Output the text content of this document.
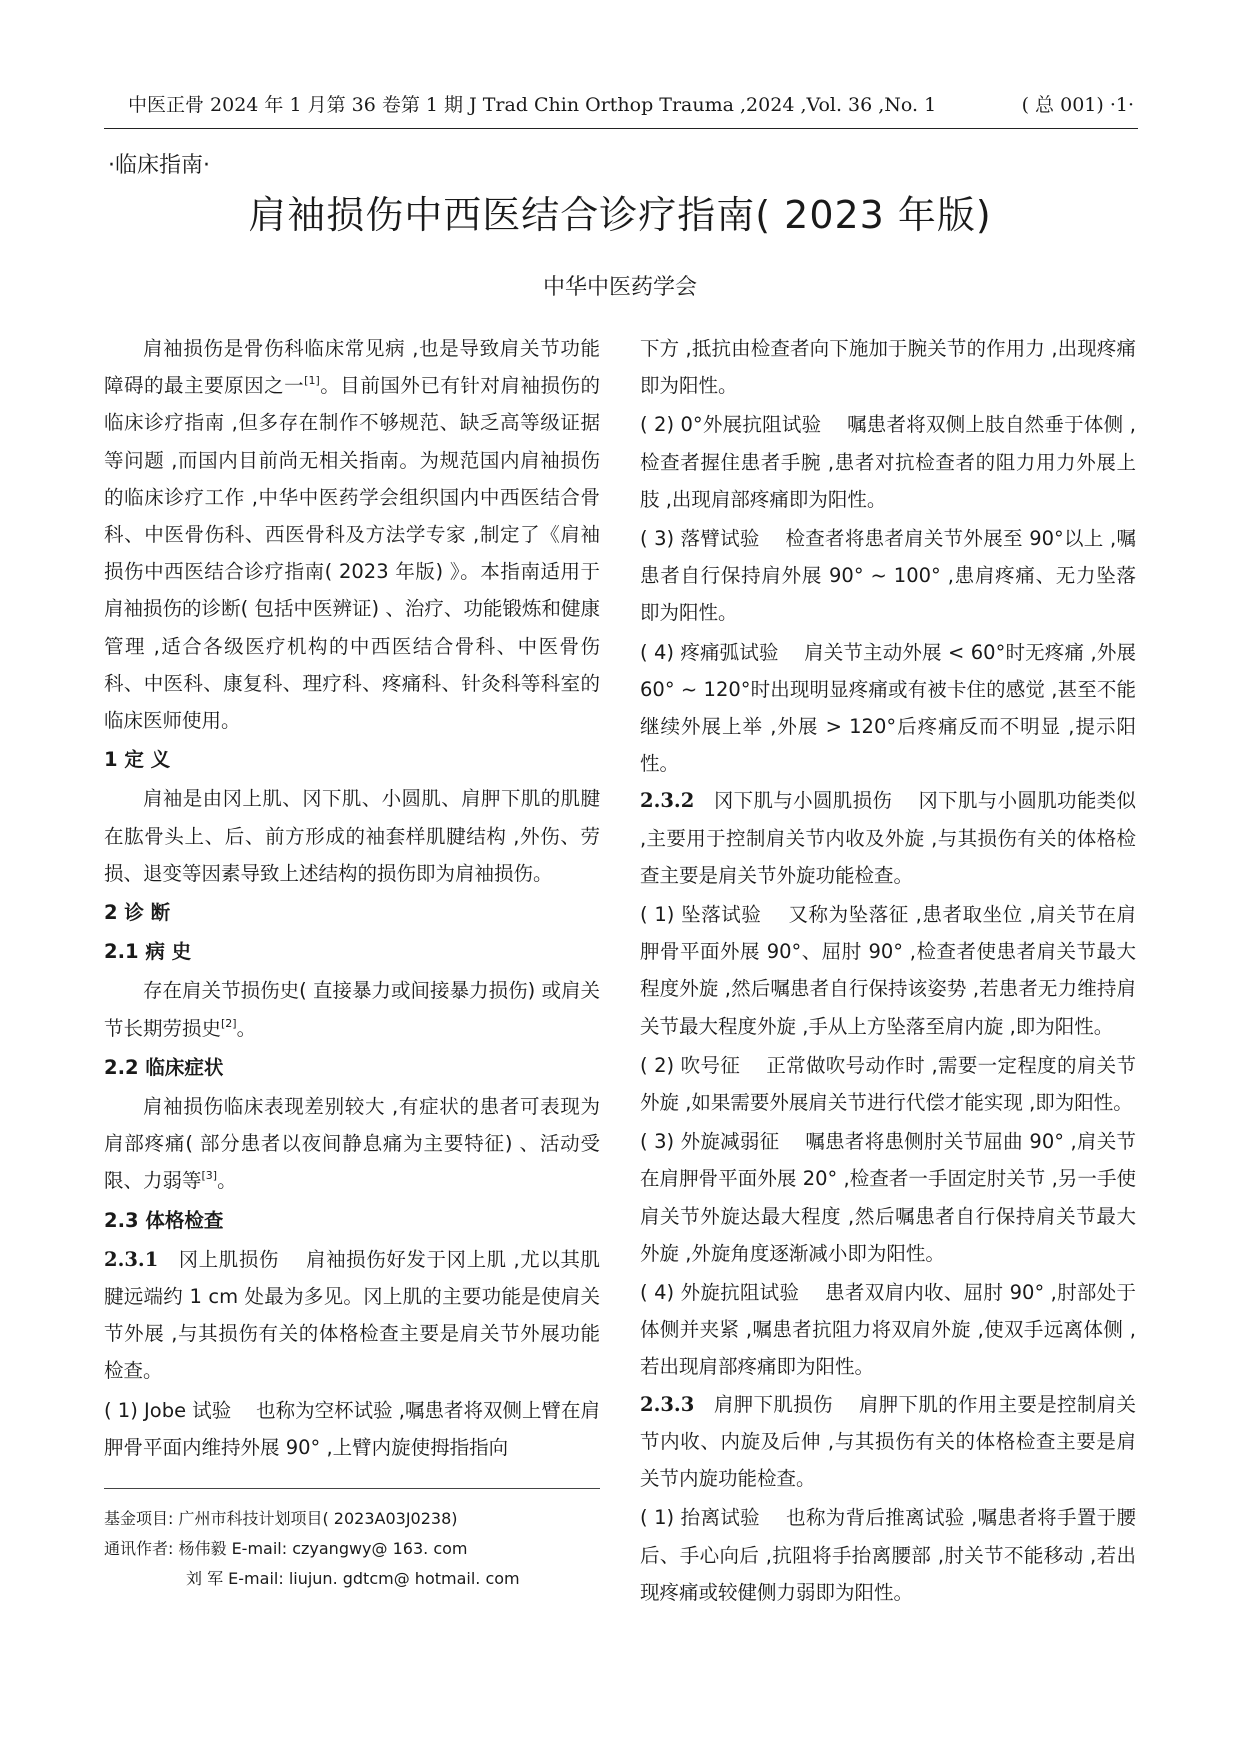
中医正骨 2024 年 1 月第 36 卷第 1 期 J Trad Chin Orthop Trauma ,2024 ,Vol. 36 ,No. 1	( 总 001) ·1·
·临床指南·
肩袖损伤中西医结合诊疗指南( 2023 年版)
中华中医药学会

肩袖损伤是骨伤科临床常见病 ,也是导致肩关节功能障碍的最主要原因之一[1]。目前国外已有针对肩袖损伤的临床诊疗指南 ,但多存在制作不够规范、缺乏高等级证据等问题 ,而国内目前尚无相关指南。为规范国内肩袖损伤的临床诊疗工作 ,中华中医药学会组织国内中西医结合骨科、中医骨伤科、西医骨科及方法学专家 ,制定了《肩袖损伤中西医结合诊疗指南( 2023 年版) 》。本指南适用于肩袖损伤的诊断( 包括中医辨证) 、治疗、功能锻炼和健康管理 ,适合各级医疗机构的中西医结合骨科、中医骨伤科、中医科、康复科、理疗科、疼痛科、针灸科等科室的临床医师使用。

1 定 义

肩袖是由冈上肌、冈下肌、小圆肌、肩胛下肌的肌腱在肱骨头上、后、前方形成的袖套样肌腱结构 ,外伤、劳损、退变等因素导致上述结构的损伤即为肩袖损伤。

2 诊 断

2.1 病 史

存在肩关节损伤史( 直接暴力或间接暴力损伤) 或肩关节长期劳损史[2]。

2.2 临床症状

肩袖损伤临床表现差别较大 ,有症状的患者可表现为肩部疼痛( 部分患者以夜间静息痛为主要特征) 、活动受限、力弱等[3]。

2.3 体格检查

2.3.1 冈上肌损伤 肩袖损伤好发于冈上肌 ,尤以其肌腱远端约 1 cm 处最为多见。冈上肌的主要功能是使肩关节外展 ,与其损伤有关的体格检查主要是肩关节外展功能检查。

( 1) Jobe 试验 也称为空杯试验 ,嘱患者将双侧上臂在肩胛骨平面内维持外展 90° ,上臂内旋使拇指指向

下方 ,抵抗由检查者向下施加于腕关节的作用力 ,出现疼痛即为阳性。

( 2) 0°外展抗阻试验 嘱患者将双侧上肢自然垂于体侧 ,检查者握住患者手腕 ,患者对抗检查者的阻力用力外展上肢 ,出现肩部疼痛即为阳性。

( 3) 落臂试验 检查者将患者肩关节外展至 90°以上 ,嘱患者自行保持肩外展 90° ~ 100° ,患肩疼痛、无力坠落即为阳性。

( 4) 疼痛弧试验 肩关节主动外展 < 60°时无疼痛 ,外展 60° ~ 120°时出现明显疼痛或有被卡住的感觉 ,甚至不能继续外展上举 ,外展 > 120°后疼痛反而不明显 ,提示阳性。

2.3.2 冈下肌与小圆肌损伤 冈下肌与小圆肌功能类似 ,主要用于控制肩关节内收及外旋 ,与其损伤有关的体格检查主要是肩关节外旋功能检查。

( 1) 坠落试验 又称为坠落征 ,患者取坐位 ,肩关节在肩胛骨平面外展 90°、屈肘 90° ,检查者使患者肩关节最大程度外旋 ,然后嘱患者自行保持该姿势 ,若患者无力维持肩关节最大程度外旋 ,手从上方坠落至肩内旋 ,即为阳性。

( 2) 吹号征 正常做吹号动作时 ,需要一定程度的肩关节外旋 ,如果需要外展肩关节进行代偿才能实现 ,即为阳性。

( 3) 外旋减弱征 嘱患者将患侧肘关节屈曲 90° ,肩关节在肩胛骨平面外展 20° ,检查者一手固定肘关节 ,另一手使肩关节外旋达最大程度 ,然后嘱患者自行保持肩关节最大外旋 ,外旋角度逐渐减小即为阳性。

( 4) 外旋抗阻试验 患者双肩内收、屈肘 90° ,肘部处于体侧并夹紧 ,嘱患者抗阻力将双肩外旋 ,使双手远离体侧 ,若出现肩部疼痛即为阳性。

2.3.3 肩胛下肌损伤 肩胛下肌的作用主要是控制肩关节内收、内旋及后伸 ,与其损伤有关的体格检查主要是肩关节内旋功能检查。

( 1) 抬离试验 也称为背后推离试验 ,嘱患者将手置于腰后、手心向后 ,抗阻将手抬离腰部 ,肘关节不能移动 ,若出现疼痛或较健侧力弱即为阳性。

基金项目: 广州市科技计划项目( 2023A03J0238)
通讯作者: 杨伟毅 E-mail: czyangwy@ 163. com
刘 军 E-mail: liujun. gdtcm@ hotmail. com
